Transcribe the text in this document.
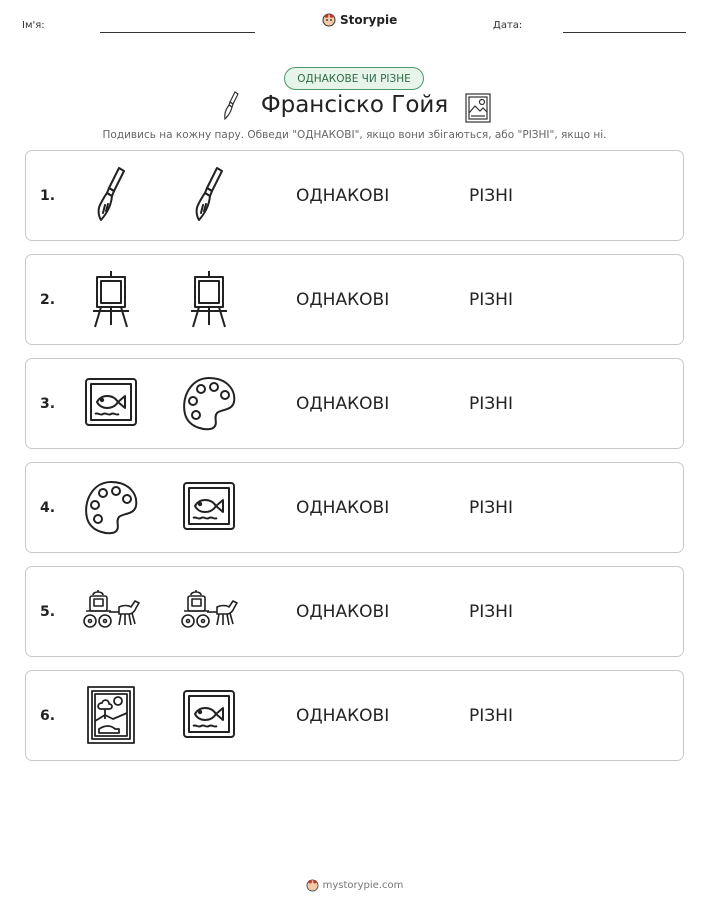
Ім'я:	Storypie	Дата:
ОДНАКОВЕ ЧИ РІЗНЕ
Франсіско Гойя
Подивись на кожну пару. Обведи "ОДНАКОВІ", якщо вони збігаються, або "РІЗНІ", якщо ні.
1.	ОДНАКОВІ	РІЗНІ
2.	ОДНАКОВІ	РІЗНІ
3.	ОДНАКОВІ	РІЗНІ
4.	ОДНАКОВІ	РІЗНІ
5.	ОДНАКОВІ	РІЗНІ
6.	ОДНАКОВІ	РІЗНІ
mystorypie.com
